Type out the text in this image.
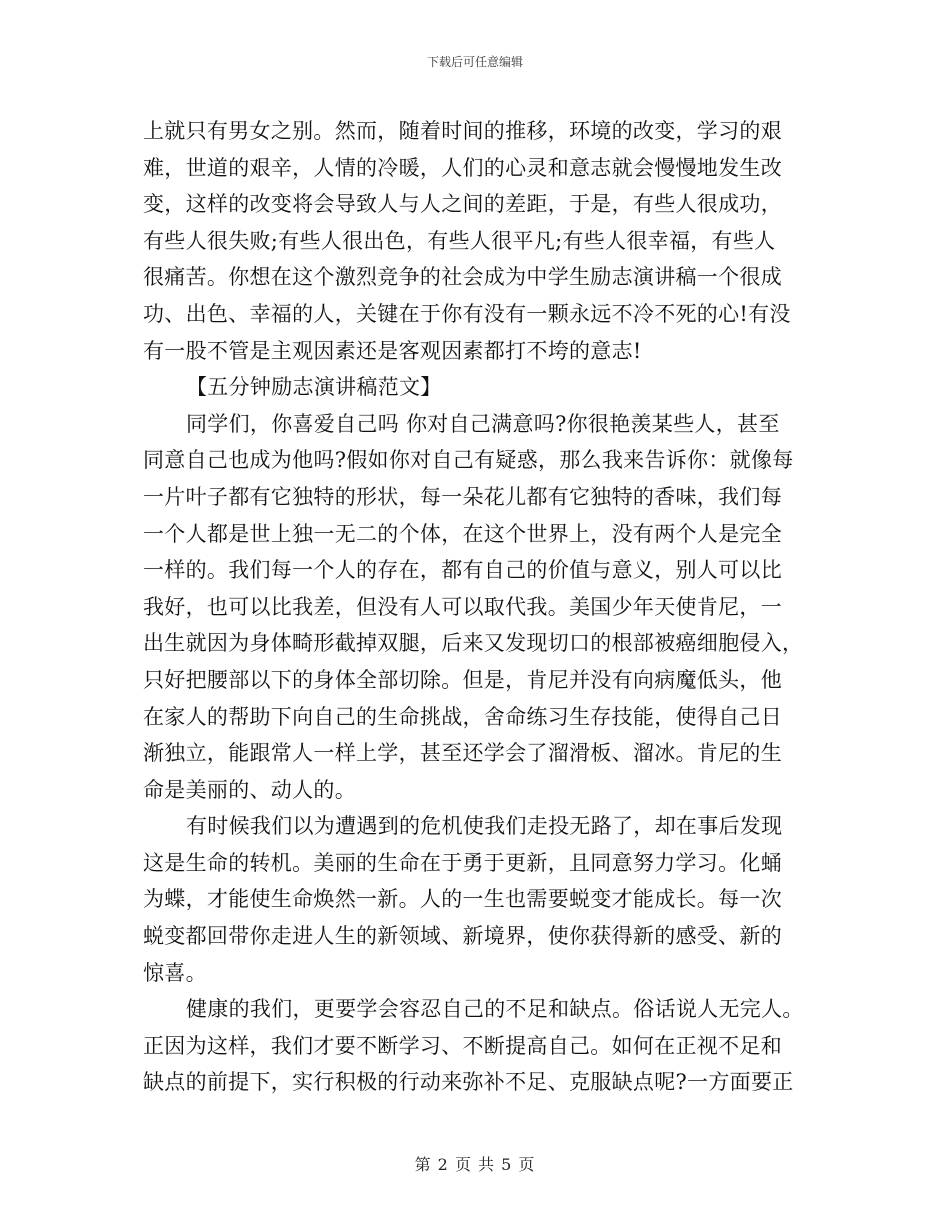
下载后可任意编辑
上就只有男女之别。然而，随着时间的推移，环境的改变，学习的艰
难，世道的艰辛，人情的冷暖，人们的心灵和意志就会慢慢地发生改
变，这样的改变将会导致人与人之间的差距，于是，有些人很成功，
有些人很失败;有些人很出色，有些人很平凡;有些人很幸福，有些人
很痛苦。你想在这个激烈竞争的社会成为中学生励志演讲稿一个很成
功、出色、幸福的人，关键在于你有没有一颗永远不冷不死的心!有没
有一股不管是主观因素还是客观因素都打不垮的意志!
【五分钟励志演讲稿范文】
同学们，你喜爱自己吗 你对自己满意吗?你很艳羡某些人，甚至
同意自己也成为他吗?假如你对自己有疑惑，那么我来告诉你：就像每
一片叶子都有它独特的形状，每一朵花儿都有它独特的香味，我们每
一个人都是世上独一无二的个体，在这个世界上，没有两个人是完全
一样的。我们每一个人的存在，都有自己的价值与意义，别人可以比
我好，也可以比我差，但没有人可以取代我。美国少年天使肯尼，一
出生就因为身体畸形截掉双腿，后来又发现切口的根部被癌细胞侵入，
只好把腰部以下的身体全部切除。但是，肯尼并没有向病魔低头，他
在家人的帮助下向自己的生命挑战，舍命练习生存技能，使得自己日
渐独立，能跟常人一样上学，甚至还学会了溜滑板、溜冰。肯尼的生
命是美丽的、动人的。
有时候我们以为遭遇到的危机使我们走投无路了，却在事后发现
这是生命的转机。美丽的生命在于勇于更新，且同意努力学习。化蛹
为蝶，才能使生命焕然一新。人的一生也需要蜕变才能成长。每一次
蜕变都回带你走进人生的新领域、新境界，使你获得新的感受、新的
惊喜。
健康的我们，更要学会容忍自己的不足和缺点。俗话说人无完人。
正因为这样，我们才要不断学习、不断提高自己。如何在正视不足和
缺点的前提下，实行积极的行动来弥补不足、克服缺点呢?一方面要正
第 2 页 共 5 页
